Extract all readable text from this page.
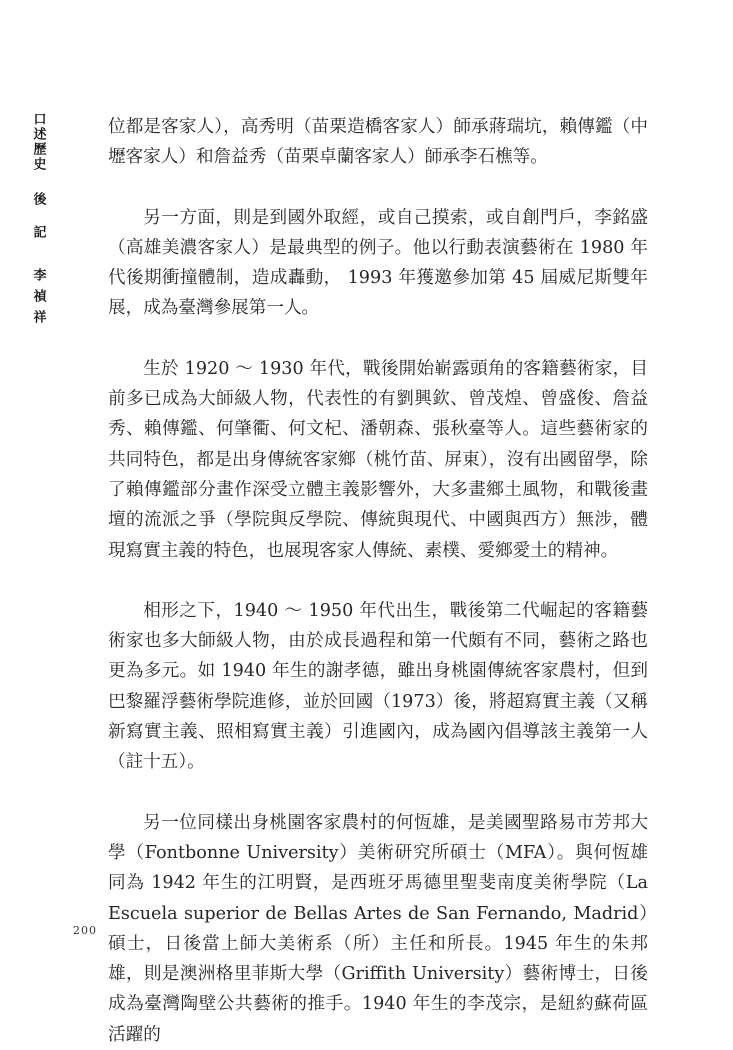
口述歷史
後記
李禎祥

位都是客家人），高秀明（苗栗造橋客家人）師承蔣瑞坑，賴傳鑑（中壢客家人）和詹益秀（苗栗卓蘭客家人）師承李石樵等。

另一方面，則是到國外取經，或自己摸索，或自創門戶，李銘盛（高雄美濃客家人）是最典型的例子。他以行動表演藝術在 1980 年代後期衝撞體制，造成轟動， 1993 年獲邀參加第 45 屆威尼斯雙年展，成為臺灣參展第一人。

生於 1920 ～ 1930 年代，戰後開始嶄露頭角的客籍藝術家，目前多已成為大師級人物，代表性的有劉興欽、曾茂煌、曾盛俊、詹益秀、賴傳鑑、何肇衢、何文杞、潘朝森、張秋臺等人。這些藝術家的共同特色，都是出身傳統客家鄉（桃竹苗、屏東），沒有出國留學，除了賴傳鑑部分畫作深受立體主義影響外，大多畫鄉土風物，和戰後畫壇的流派之爭（學院與反學院、傳統與現代、中國與西方）無涉，體現寫實主義的特色，也展現客家人傳統、素樸、愛鄉愛土的精神。

相形之下，1940 ～ 1950 年代出生，戰後第二代崛起的客籍藝術家也多大師級人物，由於成長過程和第一代頗有不同，藝術之路也更為多元。如 1940 年生的謝孝德，雖出身桃園傳統客家農村，但到巴黎羅浮藝術學院進修，並於回國（1973）後，將超寫實主義（又稱新寫實主義、照相寫實主義）引進國內，成為國內倡導該主義第一人（註十五）。

另一位同樣出身桃園客家農村的何恆雄，是美國聖路易市芳邦大學（Fontbonne University）美術研究所碩士（MFA）。與何恆雄同為 1942 年生的江明賢，是西班牙馬德里聖斐南度美術學院（La Escuela superior de Bellas Artes de San Fernando, Madrid）碩士，日後當上師大美術系（所）主任和所長。1945 年生的朱邦雄，則是澳洲格里菲斯大學（Griffith University）藝術博士，日後成為臺灣陶壁公共藝術的推手。1940 年生的李茂宗，是紐約蘇荷區活躍的

200
